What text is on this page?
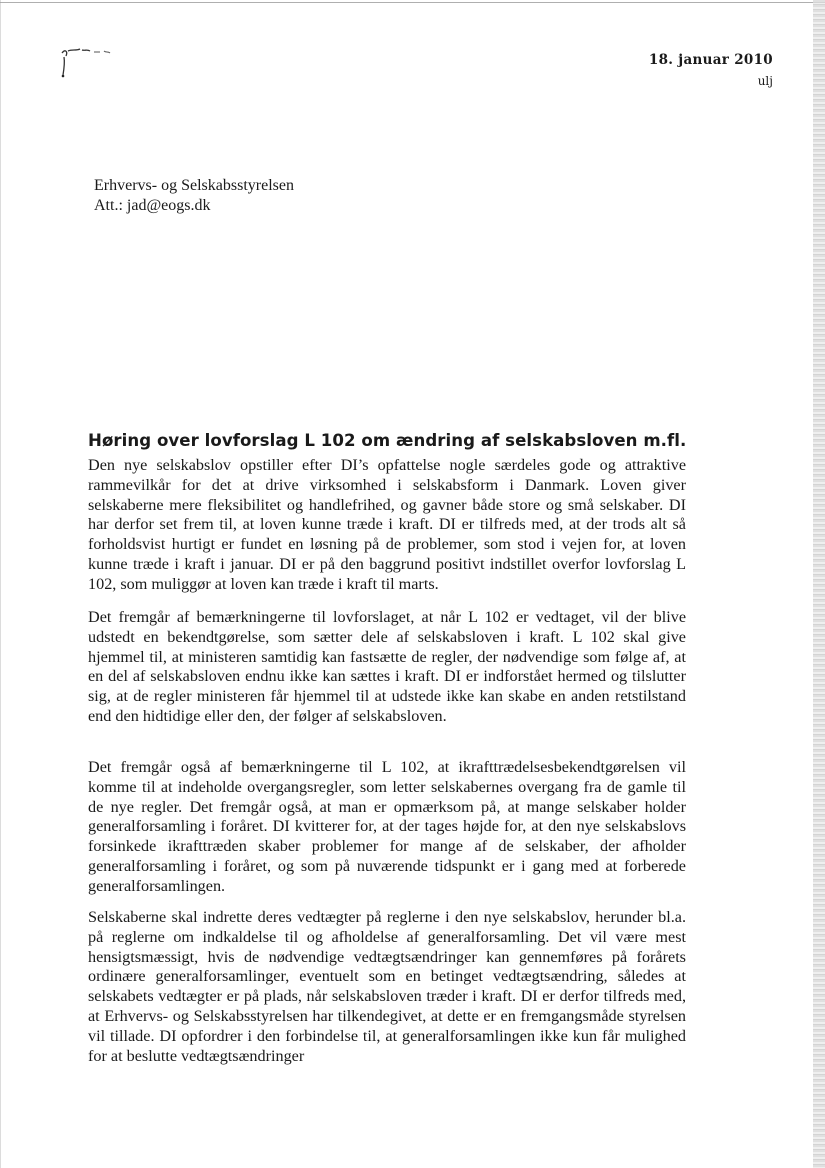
18. januar 2010
ulj
Erhvervs- og Selskabsstyrelsen
Att.: jad@eogs.dk
Høring over lovforslag L 102 om ændring af selskabsloven m.fl.

Den nye selskabslov opstiller efter DI’s opfattelse nogle særdeles gode og attraktive rammevilkår for det at drive virksomhed i selskabsform i Danmark. Loven giver selskaberne mere fleksibilitet og handlefrihed, og gavner både store og små selskaber. DI har derfor set frem til, at loven kunne træde i kraft. DI er tilfreds med, at der trods alt så forholdsvist hurtigt er fundet en løsning på de problemer, som stod i vejen for, at loven kunne træde i kraft i januar. DI er på den baggrund positivt indstillet overfor lovforslag L 102, som muliggør at loven kan træde i kraft til marts.

Det fremgår af bemærkningerne til lovforslaget, at når L 102 er vedtaget, vil der blive udstedt en bekendtgørelse, som sætter dele af selskabsloven i kraft. L 102 skal give hjemmel til, at ministeren samtidig kan fastsætte de regler, der nødvendige som følge af, at en del af selskabsloven endnu ikke kan sættes i kraft. DI er indforstået hermed og tilslutter sig, at de regler ministeren får hjemmel til at udstede ikke kan skabe en anden retstilstand end den hidtidige eller den, der følger af selskabsloven.

Det fremgår også af bemærkningerne til L 102, at ikrafttrædelsesbekendtgørelsen vil komme til at indeholde overgangsregler, som letter selskabernes overgang fra de gamle til de nye regler. Det fremgår også, at man er opmærksom på, at mange selskaber holder generalforsamling i foråret. DI kvitterer for, at der tages højde for, at den nye selskabslovs forsinkede ikrafttræden skaber problemer for mange af de selskaber, der afholder generalforsamling i foråret, og som på nuværende tidspunkt er i gang med at forberede generalforsamlingen.

Selskaberne skal indrette deres vedtægter på reglerne i den nye selskabslov, herunder bl.a. på reglerne om indkaldelse til og afholdelse af generalforsamling. Det vil være mest hensigtsmæssigt, hvis de nødvendige vedtægtsændringer kan gennemføres på forårets ordinære generalforsamlinger, eventuelt som en betinget vedtægtsændring, således at selskabets vedtægter er på plads, når selskabsloven træder i kraft. DI er derfor tilfreds med, at Erhvervs- og Selskabsstyrelsen har tilkendegivet, at dette er en fremgangsmåde styrelsen vil tillade. DI opfordrer i den forbindelse til, at generalforsamlingen ikke kun får mulighed for at beslutte vedtægtsændringer
